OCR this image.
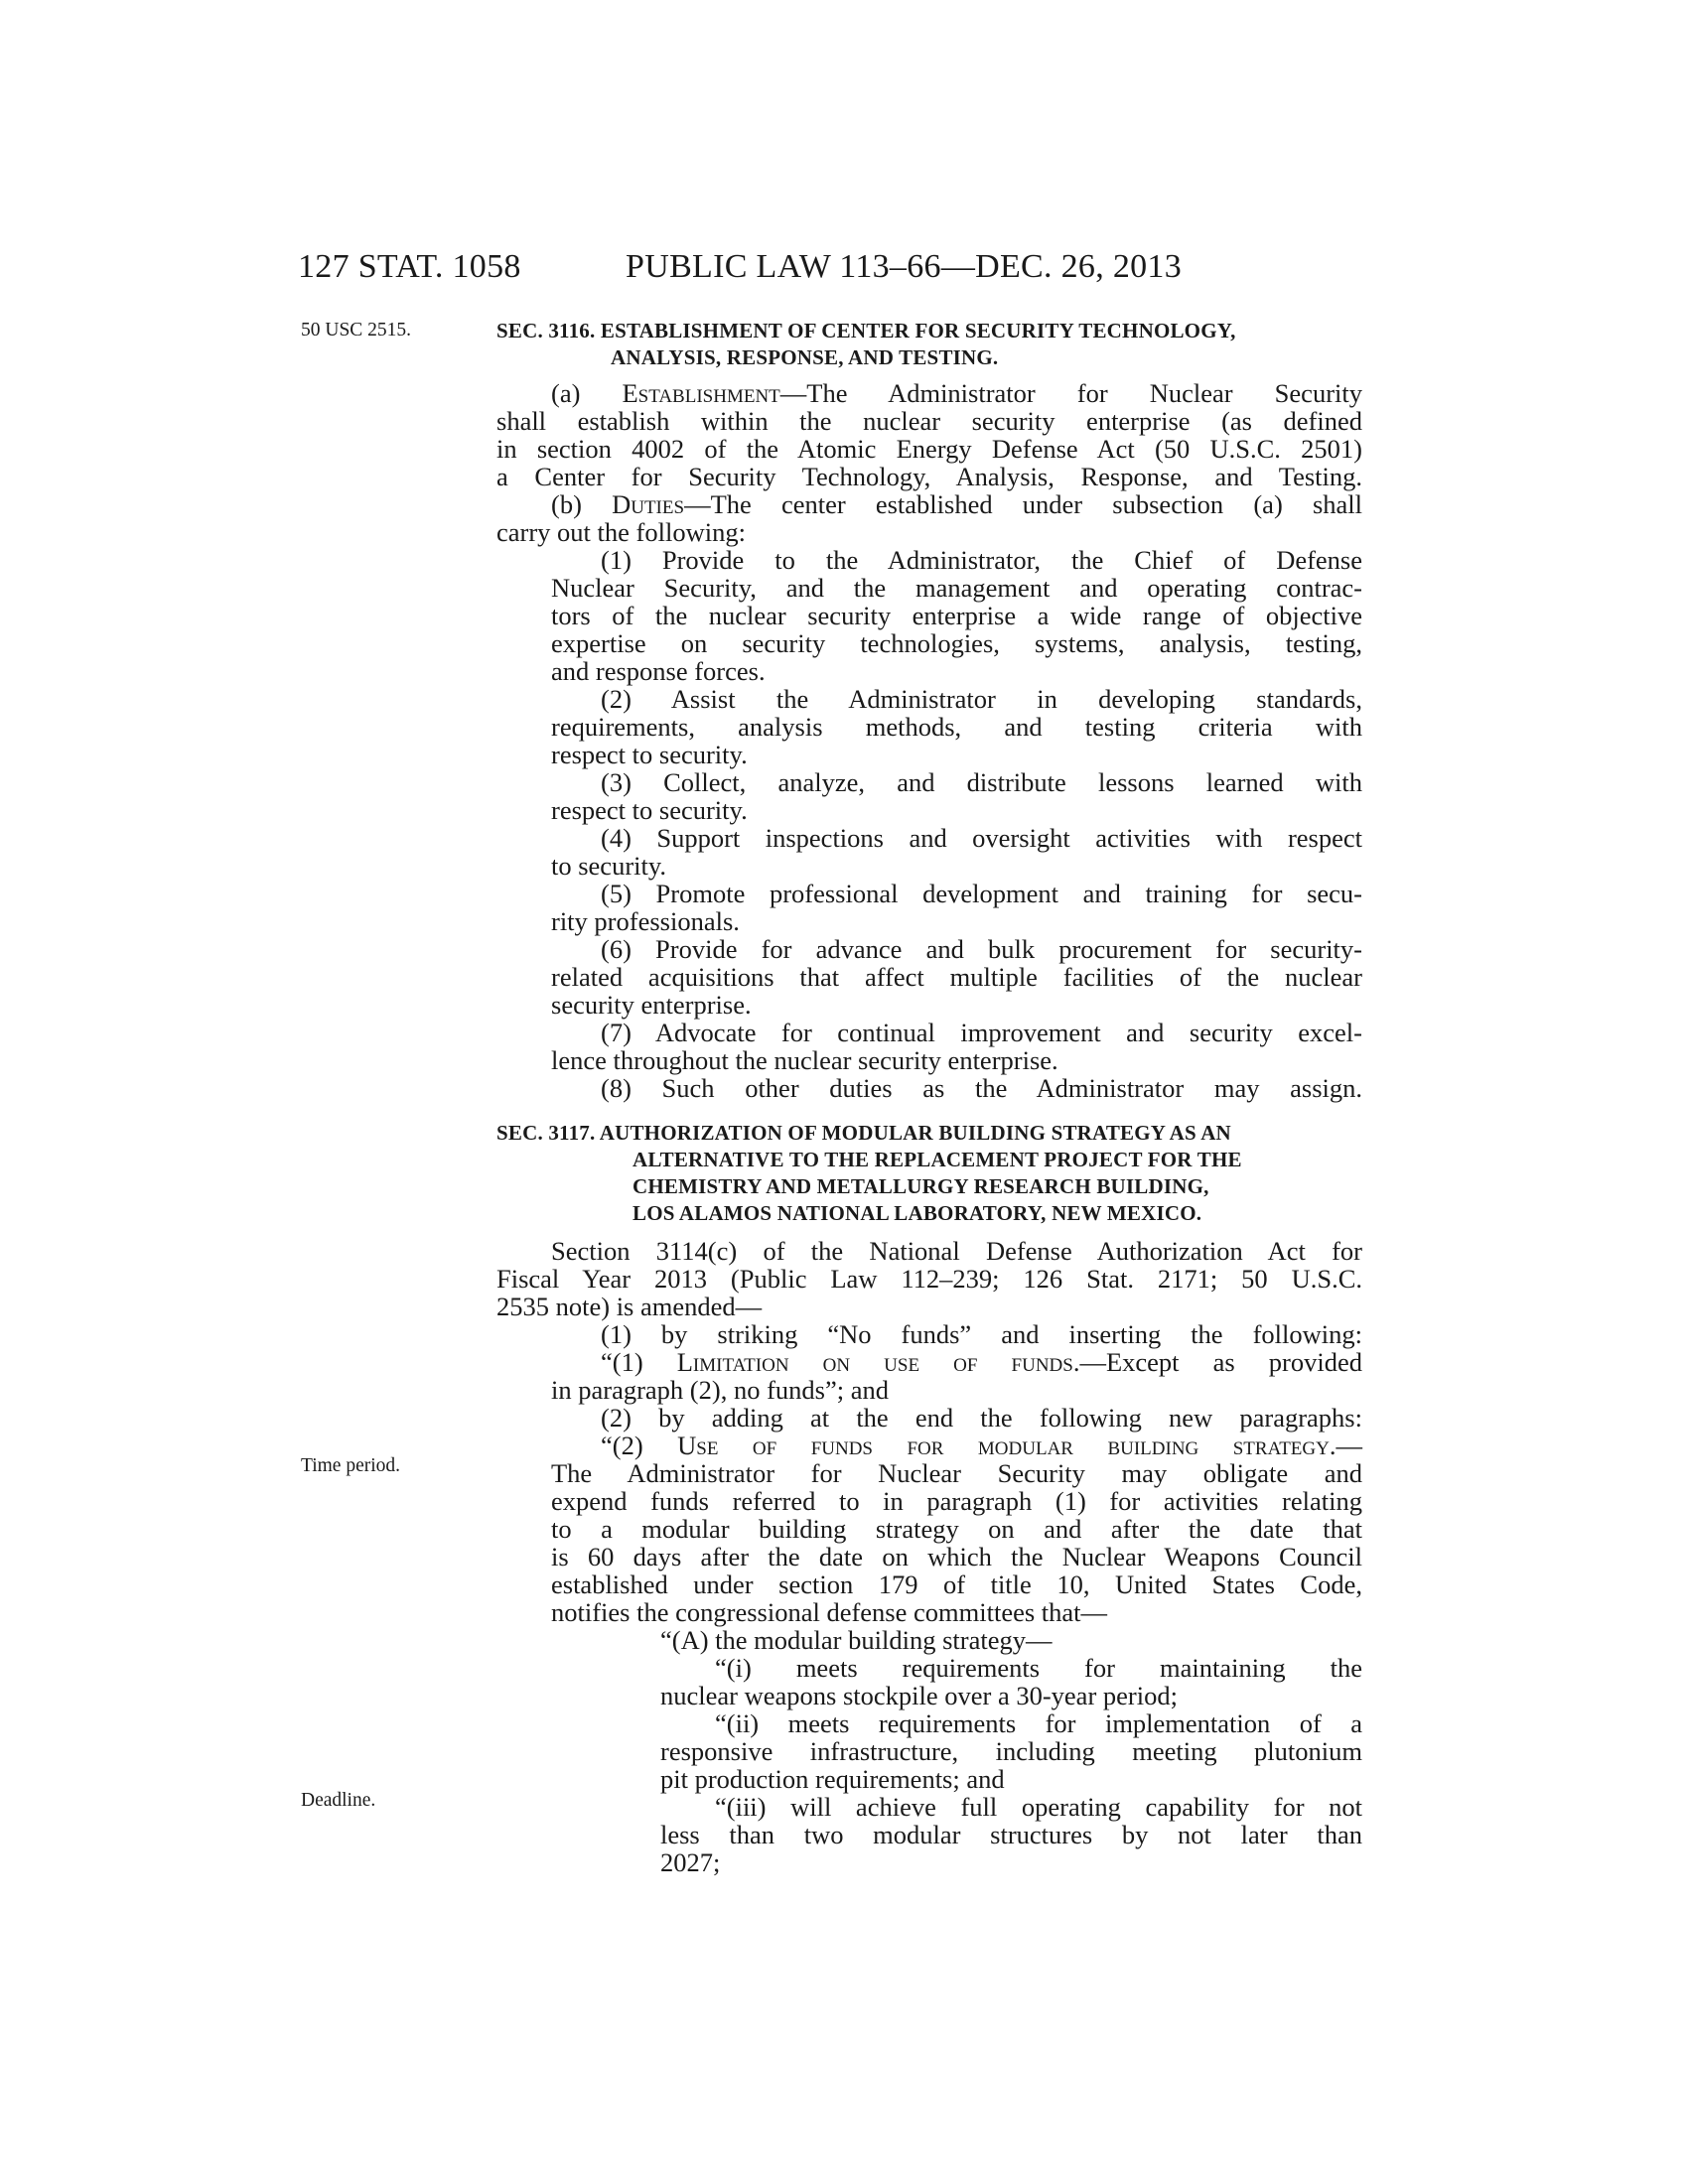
127 STAT. 1058	PUBLIC LAW 113–66—DEC. 26, 2013
50 USC 2515.
Time period.
Deadline.
SEC. 3116. ESTABLISHMENT OF CENTER FOR SECURITY TECHNOLOGY,
ANALYSIS, RESPONSE, AND TESTING.
(a) Establishment—The Administrator for Nuclear Security
shall establish within the nuclear security enterprise (as defined
in section 4002 of the Atomic Energy Defense Act (50 U.S.C. 2501)
a Center for Security Technology, Analysis, Response, and Testing.
(b) Duties—The center established under subsection (a) shall
carry out the following:
(1) Provide to the Administrator, the Chief of Defense
Nuclear Security, and the management and operating contrac-
tors of the nuclear security enterprise a wide range of objective
expertise on security technologies, systems, analysis, testing,
and response forces.
(2) Assist the Administrator in developing standards,
requirements, analysis methods, and testing criteria with
respect to security.
(3) Collect, analyze, and distribute lessons learned with
respect to security.
(4) Support inspections and oversight activities with respect
to security.
(5) Promote professional development and training for secu-
rity professionals.
(6) Provide for advance and bulk procurement for security-
related acquisitions that affect multiple facilities of the nuclear
security enterprise.
(7) Advocate for continual improvement and security excel-
lence throughout the nuclear security enterprise.
(8) Such other duties as the Administrator may assign.
SEC. 3117. AUTHORIZATION OF MODULAR BUILDING STRATEGY AS AN
ALTERNATIVE TO THE REPLACEMENT PROJECT FOR THE
CHEMISTRY AND METALLURGY RESEARCH BUILDING,
LOS ALAMOS NATIONAL LABORATORY, NEW MEXICO.
Section 3114(c) of the National Defense Authorization Act for
Fiscal Year 2013 (Public Law 112–239; 126 Stat. 2171; 50 U.S.C.
2535 note) is amended—
(1) by striking “No funds” and inserting the following:
“(1) Limitation on use of funds.—Except as provided
in paragraph (2), no funds”; and
(2) by adding at the end the following new paragraphs:
“(2) Use of funds for modular building strategy.—
The Administrator for Nuclear Security may obligate and
expend funds referred to in paragraph (1) for activities relating
to a modular building strategy on and after the date that
is 60 days after the date on which the Nuclear Weapons Council
established under section 179 of title 10, United States Code,
notifies the congressional defense committees that—
“(A) the modular building strategy—
“(i) meets requirements for maintaining the
nuclear weapons stockpile over a 30-year period;
“(ii) meets requirements for implementation of a
responsive infrastructure, including meeting plutonium
pit production requirements; and
“(iii) will achieve full operating capability for not
less than two modular structures by not later than
2027;
